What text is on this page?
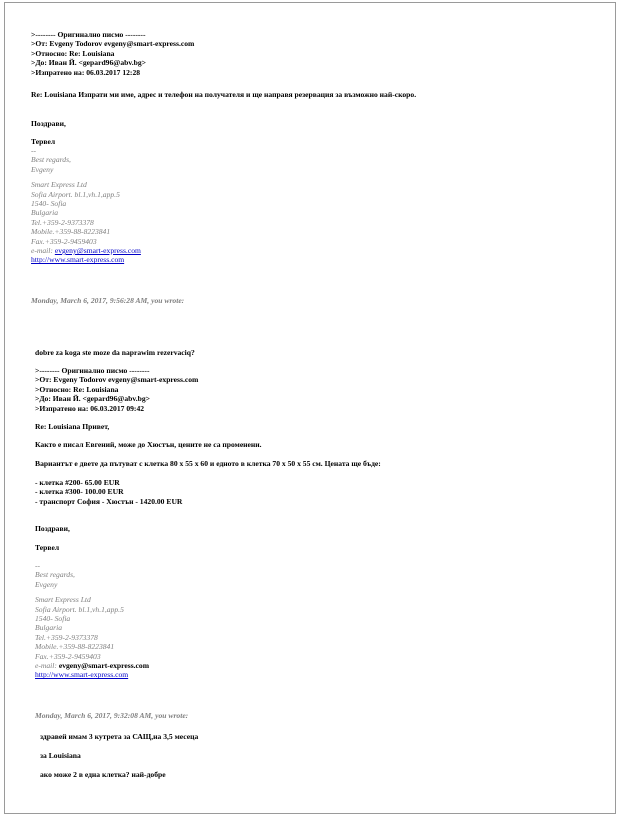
>-------- Оригинално писмо --------
>От: Evgeny Todorov evgeny@smart-express.com
>Относно: Re: Louisiana
>До: Иван Й. <gepard96@abv.bg>
>Изпратено на: 06.03.2017 12:28
Re: Louisiana Изпрати ми име, адрес и телефон на получателя и ще направя резервация за възможно най-скоро.
Поздрави,
Тервел
--
Best regards,
Evgeny
Smart Express Ltd
Sofia Airport. bl.1,vh.1,app.5
1540- Sofia
Bulgaria
Tel.+359-2-9373378
Mobile.+359-88-8223841
Fax.+359-2-9459403
e-mail: evgeny@smart-express.com
http://www.smart-express.com
Monday, March 6, 2017, 9:56:28 AM, you wrote:
dobre za koga ste moze da naprawim rezervaciq?
>-------- Оригинално писмо --------
>От: Evgeny Todorov evgeny@smart-express.com
>Относно: Re: Louisiana
>До: Иван Й. <gepard96@abv.bg>
>Изпратено на: 06.03.2017 09:42
Re: Louisiana Привет,
Както е писал Евгений, може до Хюстън, цените не са променени.
Вариантът е двете да пътуват с клетка 80 x 55 x 60 и едното в клетка 70 x 50 x 55 см. Цената ще бъде:
- клетка #200- 65.00 EUR
- клетка #300- 100.00 EUR
- транспорт София - Хюстън - 1420.00 EUR
Поздрави,
Тервел
--
Best regards,
Evgeny
Smart Express Ltd
Sofia Airport. bl.1,vh.1,app.5
1540- Sofia
Bulgaria
Tel.+359-2-9373378
Mobile.+359-88-8223841
Fax.+359-2-9459403
e-mail: evgeny@smart-express.com
http://www.smart-express.com
Monday, March 6, 2017, 9:32:08 AM, you wrote:
здравей имам 3 кутрета за САЩ,на 3,5 месеца
за Louisiana
ако може 2 в една клетка? най-добре
